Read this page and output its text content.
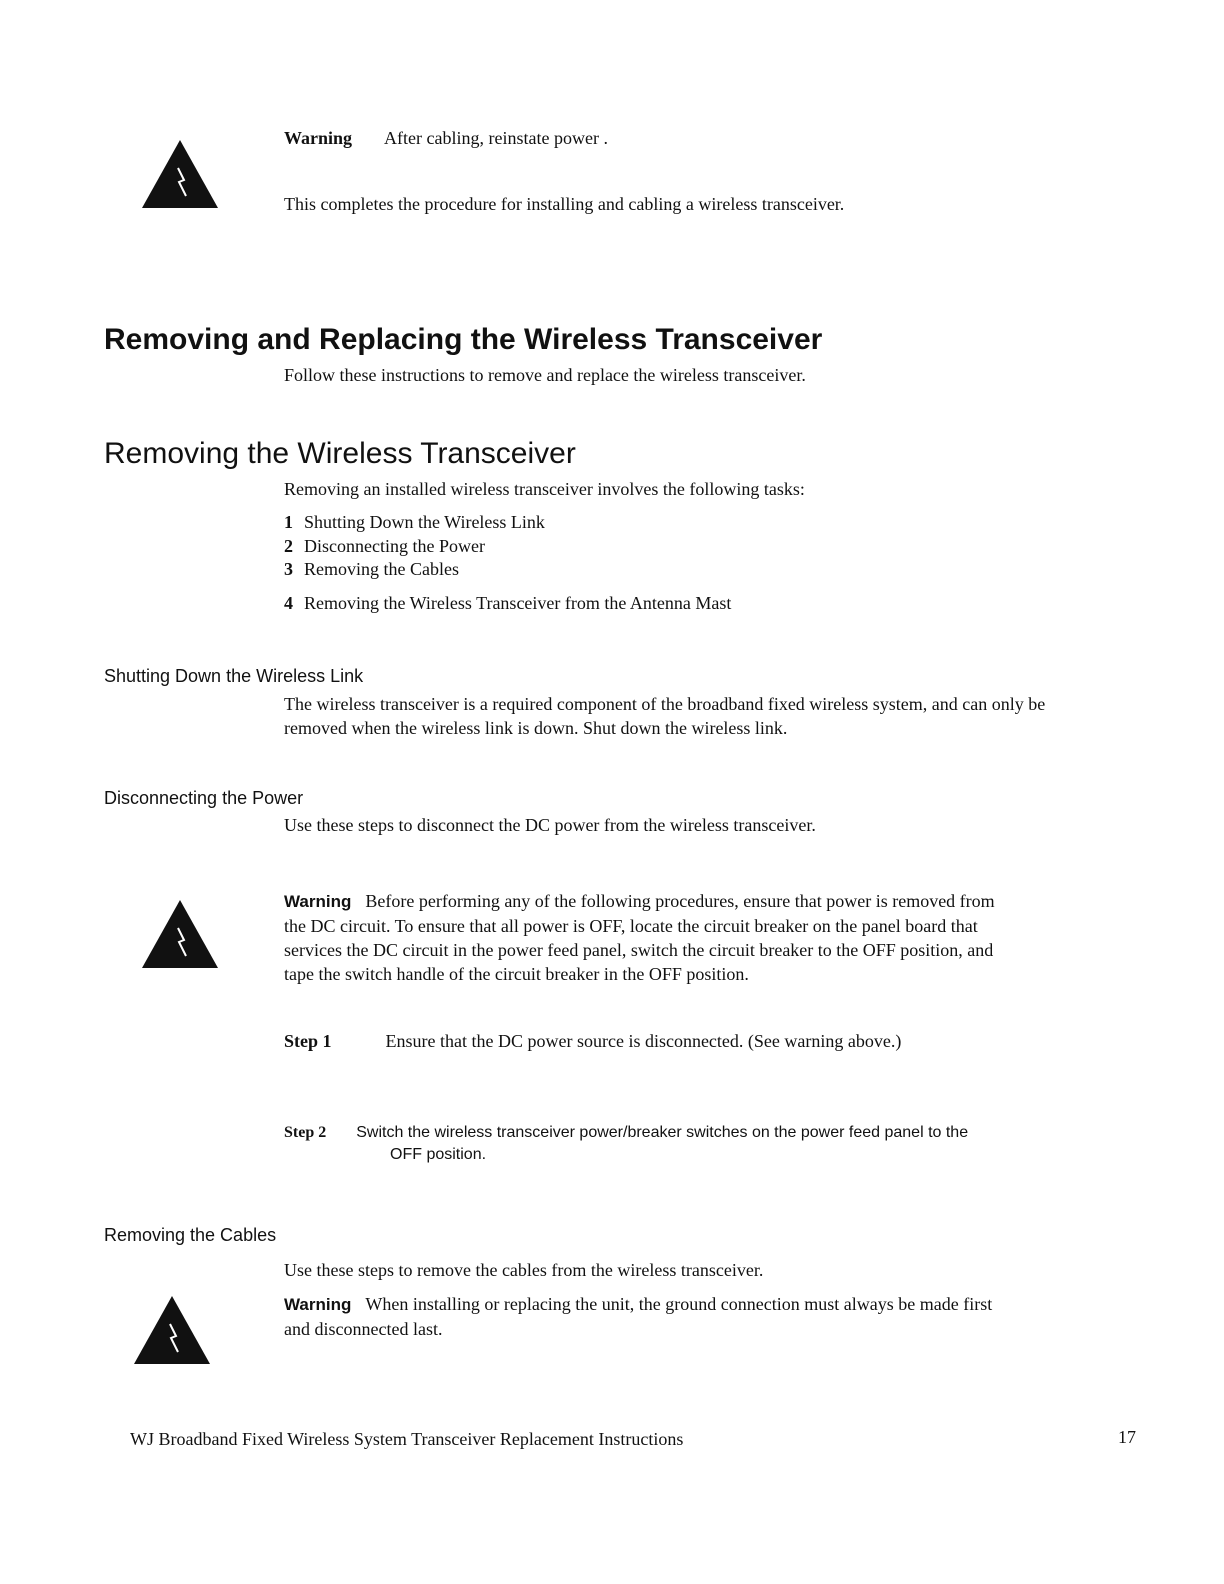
Warning After cabling, reinstate power .

This completes the procedure for installing and cabling a wireless transceiver.

Removing and Replacing the Wireless Transceiver

Follow these instructions to remove and replace the wireless transceiver.

Removing the Wireless Transceiver

Removing an installed wireless transceiver involves the following tasks:

1 Shutting Down the Wireless Link
2 Disconnecting the Power
3 Removing the Cables
4 Removing the Wireless Transceiver from the Antenna Mast
Shutting Down the Wireless Link

The wireless transceiver is a required component of the broadband fixed wireless system, and can only be

removed when the wireless link is down. Shut down the wireless link.

Disconnecting the Power

Use these steps to disconnect the DC power from the wireless transceiver.

Warning Before performing any of the following procedures, ensure that power is removed from
the DC circuit. To ensure that all power is OFF, locate the circuit breaker on the panel board that
services the DC circuit in the power feed panel, switch the circuit breaker to the OFF position, and
tape the switch handle of the circuit breaker in the OFF position.

Step 1	Ensure that the DC power source is disconnected. (See warning above.)

Step 2 Switch the wireless transceiver power/breaker switches on the power feed panel to the
OFF position.
Removing the Cables

Use these steps to remove the cables from the wireless transceiver.

Warning When installing or replacing the unit, the ground connection must always be made first
and disconnected last.

WJ Broadband Fixed Wireless System Transceiver Replacement Instructions	17
